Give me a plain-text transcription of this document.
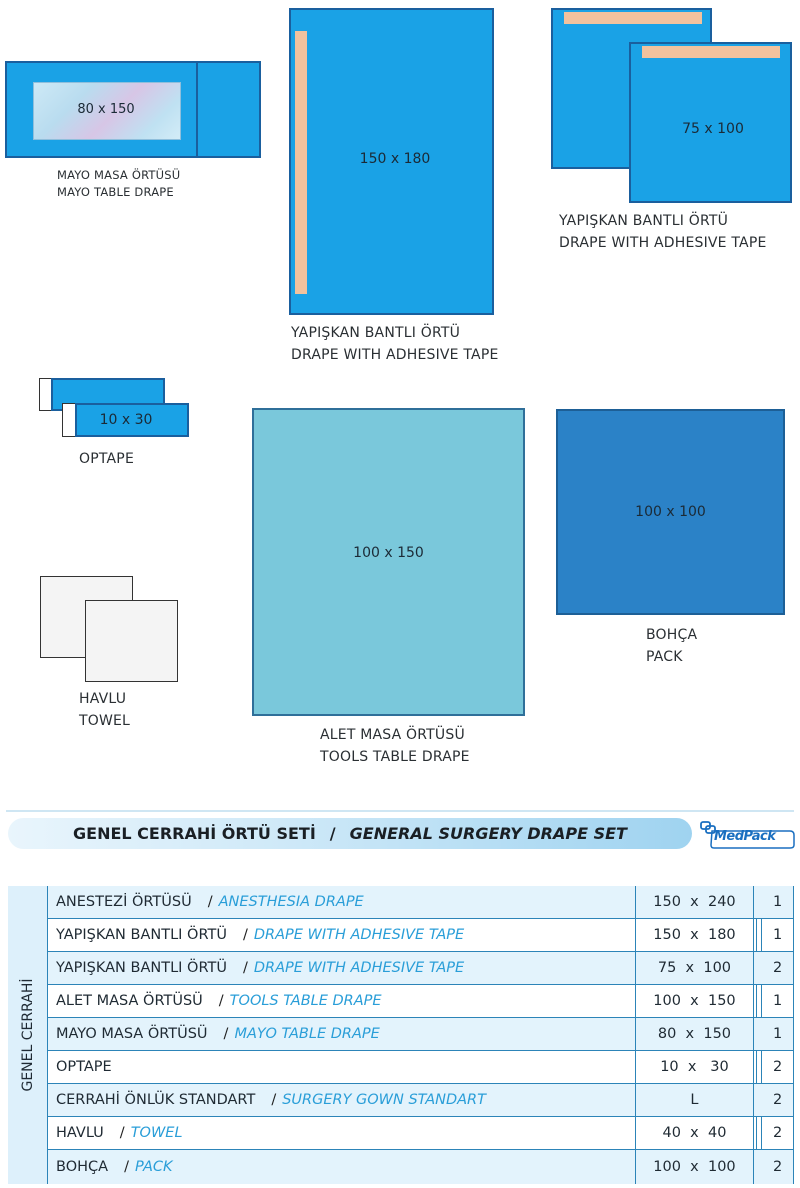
80 x 150
MAYO MASA ÖRTÜSÜ
MAYO TABLE DRAPE
150 x 180
YAPIŞKAN BANTLI ÖRTÜ
DRAPE WITH ADHESIVE TAPE
75 x 100
YAPIŞKAN BANTLI ÖRTÜ
DRAPE WITH ADHESIVE TAPE
10 x 30
OPTAPE
100 x 150
ALET MASA ÖRTÜSÜ
TOOLS TABLE DRAPE
100 x 100
BOHÇA
PACK
HAVLU
TOWEL
GENEL CERRAHİ ÖRTÜ SETİ / GENERAL SURGERY DRAPE SET	MedPack
GENEL CERRAHİ
ANESTEZİ ÖRTÜSÜ / ANESTHESIA DRAPE	150  x  240	1
YAPIŞKAN BANTLI ÖRTÜ / DRAPE WITH ADHESIVE TAPE	150  x  180	1
YAPIŞKAN BANTLI ÖRTÜ / DRAPE WITH ADHESIVE TAPE	75  x  100	2
ALET MASA ÖRTÜSÜ / TOOLS TABLE DRAPE	100  x  150	1
MAYO MASA ÖRTÜSÜ / MAYO TABLE DRAPE	80  x  150	1
OPTAPE	10  x   30	2
CERRAHİ ÖNLÜK STANDART / SURGERY GOWN STANDART	L	2
HAVLU / TOWEL	40  x  40	2
BOHÇA / PACK	100  x  100	2
